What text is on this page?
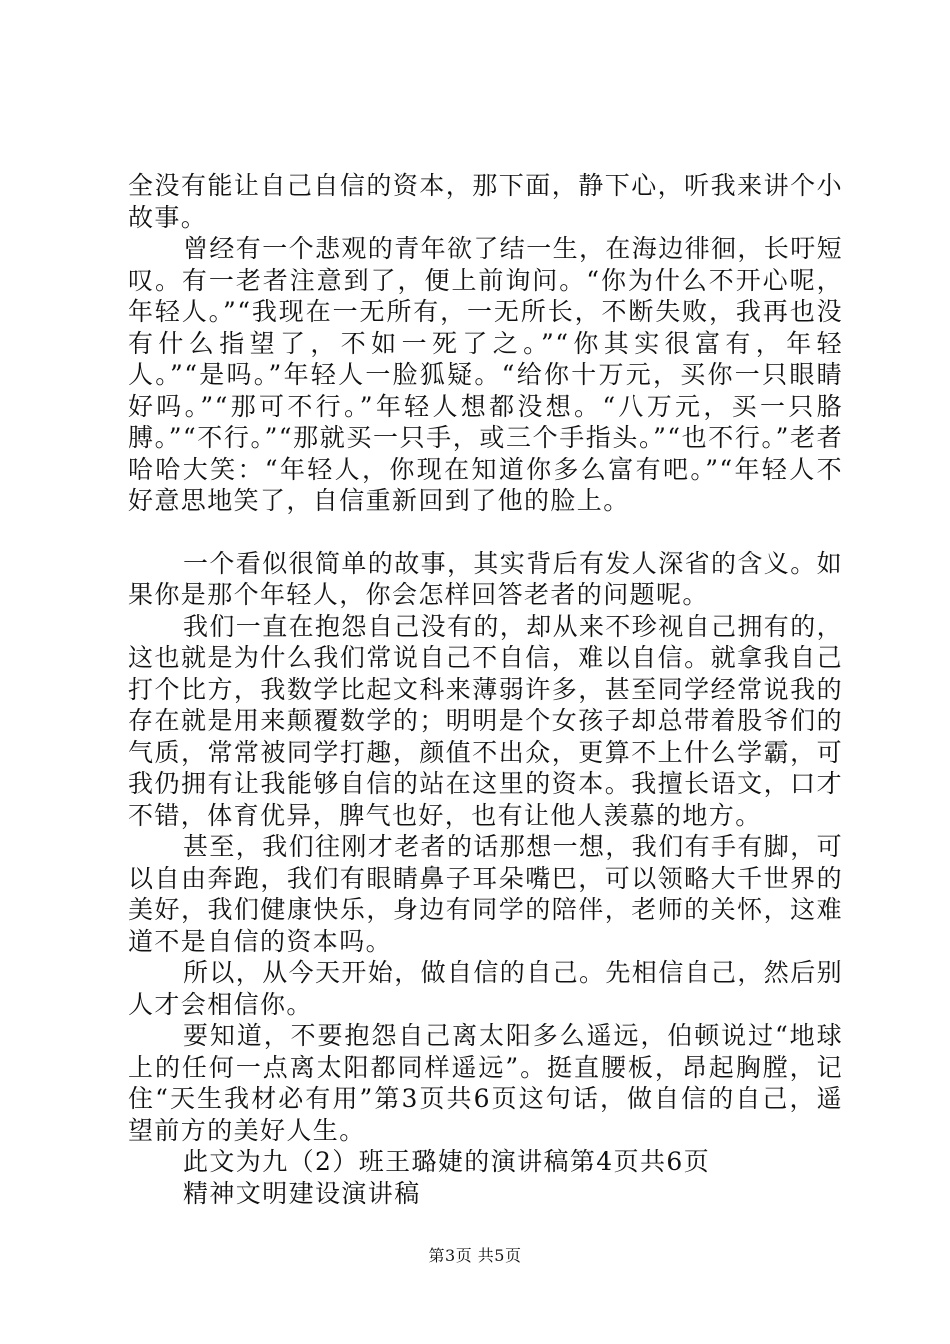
全没有能让自己自信的资本，那下面，静下心，听我来讲个小故事。

曾经有一个悲观的青年欲了结一生，在海边徘徊，长吁短叹。有一老者注意到了，便上前询问。“你为什么不开心呢，年轻人。”“我现在一无所有，一无所长，不断失败，我再也没有什么指望了，不如一死了之。”“你其实很富有，年轻人。”“是吗。”年轻人一脸狐疑。“给你十万元，买你一只眼睛好吗。”“那可不行。”年轻人想都没想。“八万元，买一只胳膊。”“不行。”“那就买一只手，或三个手指头。”“也不行。”老者哈哈大笑：“年轻人，你现在知道你多么富有吧。”“年轻人不好意思地笑了，自信重新回到了他的脸上。

一个看似很简单的故事，其实背后有发人深省的含义。如果你是那个年轻人，你会怎样回答老者的问题呢。

我们一直在抱怨自己没有的，却从来不珍视自己拥有的，这也就是为什么我们常说自己不自信，难以自信。就拿我自己打个比方，我数学比起文科来薄弱许多，甚至同学经常说我的存在就是用来颠覆数学的；明明是个女孩子却总带着股爷们的气质，常常被同学打趣，颜值不出众，更算不上什么学霸，可我仍拥有让我能够自信的站在这里的资本。我擅长语文，口才不错，体育优异，脾气也好，也有让他人羡慕的地方。

甚至，我们往刚才老者的话那想一想，我们有手有脚，可以自由奔跑，我们有眼睛鼻子耳朵嘴巴，可以领略大千世界的美好，我们健康快乐，身边有同学的陪伴，老师的关怀，这难道不是自信的资本吗。

所以，从今天开始，做自信的自己。先相信自己，然后别人才会相信你。

要知道，不要抱怨自己离太阳多么遥远，伯顿说过“地球上的任何一点离太阳都同样遥远”。挺直腰板，昂起胸膛，记住“天生我材必有用”第3页共6页这句话，做自信的自己，遥望前方的美好人生。

此文为九（2）班王璐婕的演讲稿第4页共6页

精神文明建设演讲稿

第3页 共5页
